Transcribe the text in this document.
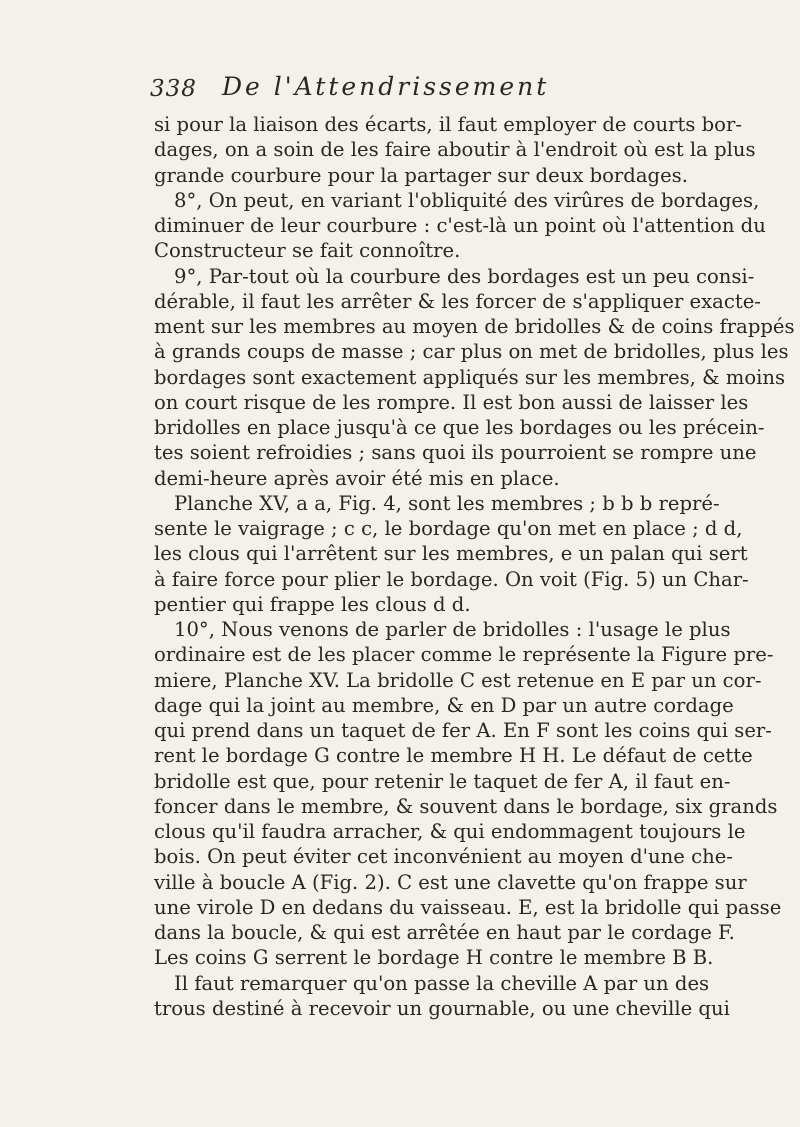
338 De l'Attendrissement
si pour la liaison des écarts, il faut employer de courts bor-
dages, on a soin de les faire aboutir à l'endroit où est la plus
grande courbure pour la partager sur deux bordages.
8°, On peut, en variant l'obliquité des virûres de bordages,
diminuer de leur courbure : c'est-là un point où l'attention du
Constructeur se fait connoître.
9°, Par-tout où la courbure des bordages est un peu consi-
dérable, il faut les arrêter & les forcer de s'appliquer exacte-
ment sur les membres au moyen de bridolles & de coins frappés
à grands coups de masse ; car plus on met de bridolles, plus les
bordages sont exactement appliqués sur les membres, & moins
on court risque de les rompre. Il est bon aussi de laisser les
bridolles en place jusqu'à ce que les bordages ou les précein-
tes soient refroidies ; sans quoi ils pourroient se rompre une
demi-heure après avoir été mis en place.
Planche XV, a a, Fig. 4, sont les membres ; b b b repré-
sente le vaigrage ; c c, le bordage qu'on met en place ; d d,
les clous qui l'arrêtent sur les membres, e un palan qui sert
à faire force pour plier le bordage. On voit (Fig. 5) un Char-
pentier qui frappe les clous d d.
10°, Nous venons de parler de bridolles : l'usage le plus
ordinaire est de les placer comme le représente la Figure pre-
miere, Planche XV. La bridolle C est retenue en E par un cor-
dage qui la joint au membre, & en D par un autre cordage
qui prend dans un taquet de fer A. En F sont les coins qui ser-
rent le bordage G contre le membre H H. Le défaut de cette
bridolle est que, pour retenir le taquet de fer A, il faut en-
foncer dans le membre, & souvent dans le bordage, six grands
clous qu'il faudra arracher, & qui endommagent toujours le
bois. On peut éviter cet inconvénient au moyen d'une che-
ville à boucle A (Fig. 2). C est une clavette qu'on frappe sur
une virole D en dedans du vaisseau. E, est la bridolle qui passe
dans la boucle, & qui est arrêtée en haut par le cordage F.
Les coins G serrent le bordage H contre le membre B B.
Il faut remarquer qu'on passe la cheville A par un des
trous destiné à recevoir un gournable, ou une cheville qui
